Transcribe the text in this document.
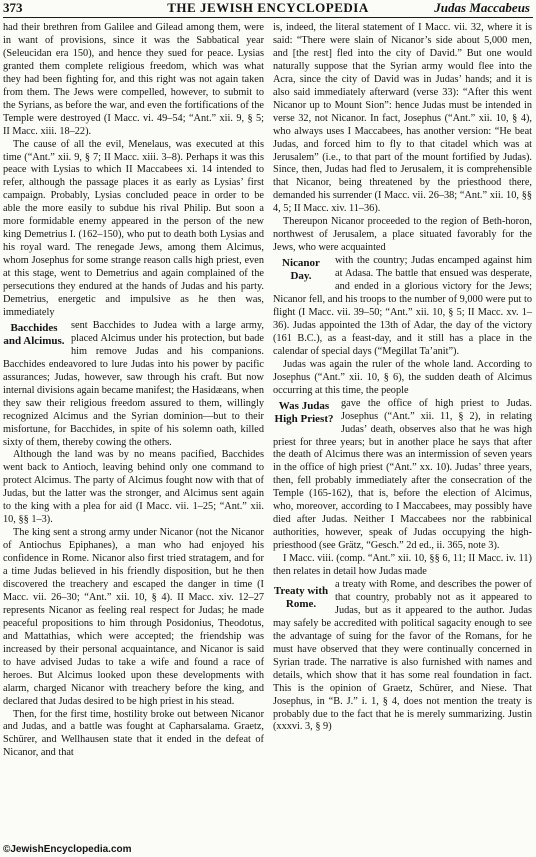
373	THE JEWISH ENCYCLOPEDIA	Judas Maccabeus

had their brethren from Galilee and Gilead among them, were in want of provisions, since it was the Sabbatical year (Seleucidan era 150), and hence they sued for peace. Lysias granted them complete religious freedom, which was what they had been fighting for, and this right was not again taken from them. The Jews were compelled, however, to submit to the Syrians, as before the war, and even the fortifications of the Temple were destroyed (I Macc. vi. 49–54; “Ant.” xii. 9, § 5; II Macc. xiii. 18–22).

The cause of all the evil, Menelaus, was executed at this time (“Ant.” xii. 9, § 7; II Macc. xiii. 3–8). Perhaps it was this peace with Lysias to which II Maccabees xi. 14 intended to refer, although the passage places it as early as Lysias’ first campaign. Probably, Lysias concluded peace in order to be able the more easily to subdue his rival Philip. But soon a more formidable enemy appeared in the person of the new king Demetrius I. (162–150), who put to death both Lysias and his royal ward. The renegade Jews, among them Alcimus, whom Josephus for some strange reason calls high priest, even at this stage, went to Demetrius and again complained of the persecutions they endured at the hands of Judas and his party. Demetrius, energetic and impulsive as he then was, immediately

Bacchides and Alcimus.
sent Bacchides to Judea with a large army, placed Alcimus under his protection, but bade him remove Judas and his companions. Bacchides endeavored to lure Judas into his power by pacific assurances; Judas, however, saw through his craft. But now internal divisions again became manifest; the Hasidæans, when they saw their religious freedom assured to them, willingly recognized Alcimus and the Syrian dominion—but to their misfortune, for Bacchides, in spite of his solemn oath, killed sixty of them, thereby cowing the others.

Although the land was by no means pacified, Bacchides went back to Antioch, leaving behind only one command to protect Alcimus. The party of Alcimus fought now with that of Judas, but the latter was the stronger, and Alcimus sent again to the king with a plea for aid (I Macc. vii. 1–25; “Ant.” xii. 10, §§ 1–3).

The king sent a strong army under Nicanor (not the Nicanor of Antiochus Epiphanes), a man who had enjoyed his confidence in Rome. Nicanor also first tried stratagem, and for a time Judas believed in his friendly disposition, but he then discovered the treachery and escaped the danger in time (I Macc. vii. 26–30; “Ant.” xii. 10, § 4). II Macc. xiv. 12–27 represents Nicanor as feeling real respect for Judas; he made peaceful propositions to him through Posidonius, Theodotus, and Mattathias, which were accepted; the friendship was increased by their personal acquaintance, and Nicanor is said to have advised Judas to take a wife and found a race of heroes. But Alcimus looked upon these developments with alarm, charged Nicanor with treachery before the king, and declared that Judas desired to be high priest in his stead.

Then, for the first time, hostility broke out between Nicanor and Judas, and a battle was fought at Capharsalama. Graetz, Schürer, and Wellhausen state that it ended in the defeat of Nicanor, and that

is, indeed, the literal statement of I Macc. vii. 32, where it is said: “There were slain of Nicanor’s side about 5,000 men, and [the rest] fled into the city of David.” But one would naturally suppose that the Syrian army would flee into the Acra, since the city of David was in Judas’ hands; and it is also said immediately afterward (verse 33): “After this went Nicanor up to Mount Sion”: hence Judas must be intended in verse 32, not Nicanor. In fact, Josephus (“Ant.” xii. 10, § 4), who always uses I Maccabees, has another version: “He beat Judas, and forced him to fly to that citadel which was at Jerusalem” (i.e., to that part of the mount fortified by Judas). Since, then, Judas had fled to Jerusalem, it is comprehensible that Nicanor, being threatened by the priesthood there, demanded his surrender (I Macc. vii. 26–38; “Ant.” xii. 10, §§ 4, 5; II Macc. xiv. 11–36).

Thereupon Nicanor proceeded to the region of Beth-horon, northwest of Jerusalem, a place situated favorably for the Jews, who were acquainted

Nicanor Day.
with the country; Judas encamped against him at Adasa. The battle that ensued was desperate, and ended in a glorious victory for the Jews; Nicanor fell, and his troops to the number of 9,000 were put to flight (I Macc. vii. 39–50; “Ant.” xii. 10, § 5; II Macc. xv. 1–36). Judas appointed the 13th of Adar, the day of the victory (161 B.C.), as a feast-day, and it still has a place in the calendar of special days (“Megillat Ta’anit”).

Judas was again the ruler of the whole land. According to Josephus (“Ant.” xii. 10, § 6), the sudden death of Alcimus occurring at this time, the people

Was Judas High Priest?
gave the office of high priest to Judas. Josephus (“Ant.” xii. 11, § 2), in relating Judas’ death, observes also that he was high priest for three years; but in another place he says that after the death of Alcimus there was an intermission of seven years in the office of high priest (“Ant.” xx. 10). Judas’ three years, then, fell probably immediately after the consecration of the Temple (165-162), that is, before the election of Alcimus, who, moreover, according to I Maccabees, may possibly have died after Judas. Neither I Maccabees nor the rabbinical authorities, however, speak of Judas occupying the high-priesthood (see Grätz, “Gesch.” 2d ed., ii. 365, note 3).

I Macc. viii. (comp. “Ant.” xii. 10, §§ 6, 11; II Macc. iv. 11) then relates in detail how Judas made

Treaty with Rome.
a treaty with Rome, and describes the power of that country, probably not as it appeared to Judas, but as it appeared to the author. Judas may safely be accredited with political sagacity enough to see the advantage of suing for the favor of the Romans, for he must have observed that they were continually concerned in Syrian trade. The narrative is also furnished with names and details, which show that it has some real foundation in fact. This is the opinion of Graetz, Schürer, and Niese. That Josephus, in “B. J.” i. 1, § 4, does not mention the treaty is probably due to the fact that he is merely summarizing. Justin (xxxvi. 3, § 9)

©JewishEncyclopedia.com
